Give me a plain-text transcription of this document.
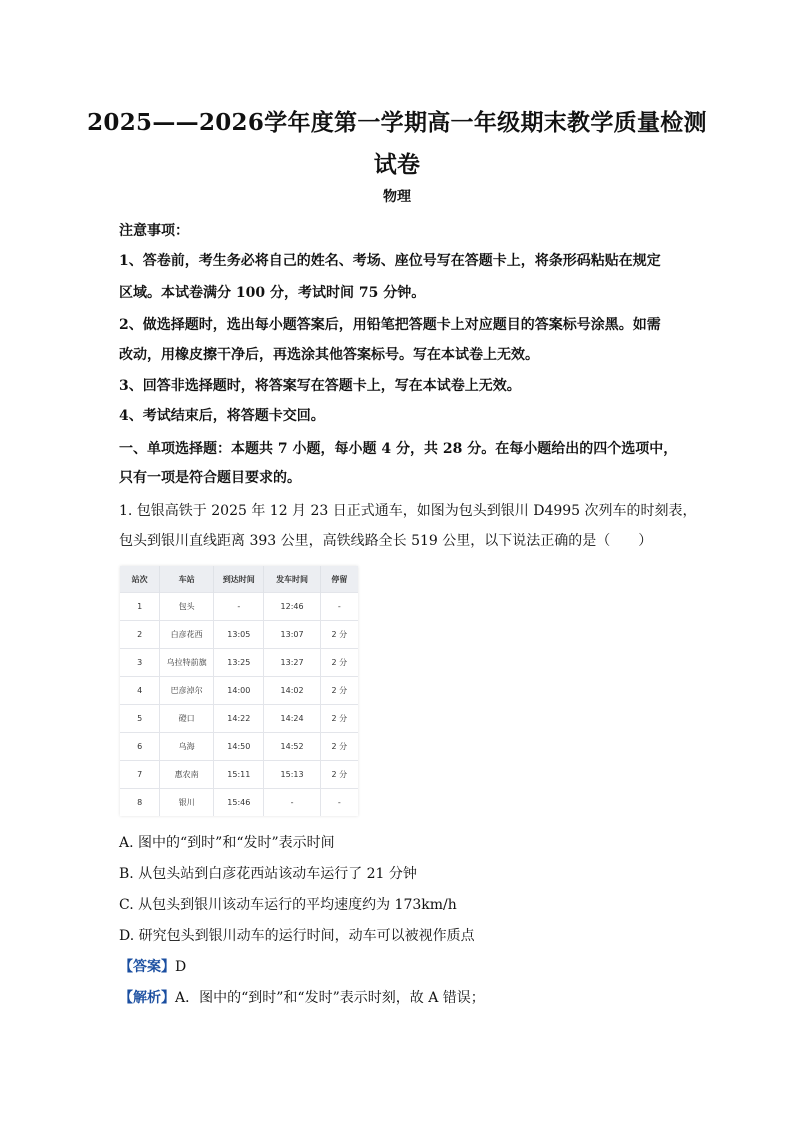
2025——2026学年度第一学期高一年级期末教学质量检测
试卷
物理
注意事项：
1、答卷前，考生务必将自己的姓名、考场、座位号写在答题卡上，将条形码粘贴在规定
区域。本试卷满分 100 分，考试时间 75 分钟。
2、做选择题时，选出每小题答案后，用铅笔把答题卡上对应题目的答案标号涂黑。如需
改动，用橡皮擦干净后，再选涂其他答案标号。写在本试卷上无效。
3、回答非选择题时，将答案写在答题卡上，写在本试卷上无效。
4、考试结束后，将答题卡交回。
一、单项选择题：本题共 7 小题，每小题 4 分，共 28 分。在每小题给出的四个选项中，
只有一项是符合题目要求的。
1. 包银高铁于 2025 年 12 月 23 日正式通车，如图为包头到银川 D4995 次列车的时刻表，
包头到银川直线距离 393 公里，高铁线路全长 519 公里，以下说法正确的是（　　）
站次	车站	到达时间	发车时间	停留
1	包头	-	12:46	-
2	白彦花西	13:05	13:07	2 分
3	乌拉特前旗	13:25	13:27	2 分
4	巴彦淖尔	14:00	14:02	2 分
5	磴口	14:22	14:24	2 分
6	乌海	14:50	14:52	2 分
7	惠农南	15:11	15:13	2 分
8	银川	15:46	-	-
A. 图中的“到时”和“发时”表示时间
B. 从包头站到白彦花西站该动车运行了 21 分钟
C. 从包头到银川该动车运行的平均速度约为 173km/h
D. 研究包头到银川动车的运行时间，动车可以被视作质点
【答案】D
【解析】A．图中的“到时”和“发时”表示时刻，故 A 错误；
